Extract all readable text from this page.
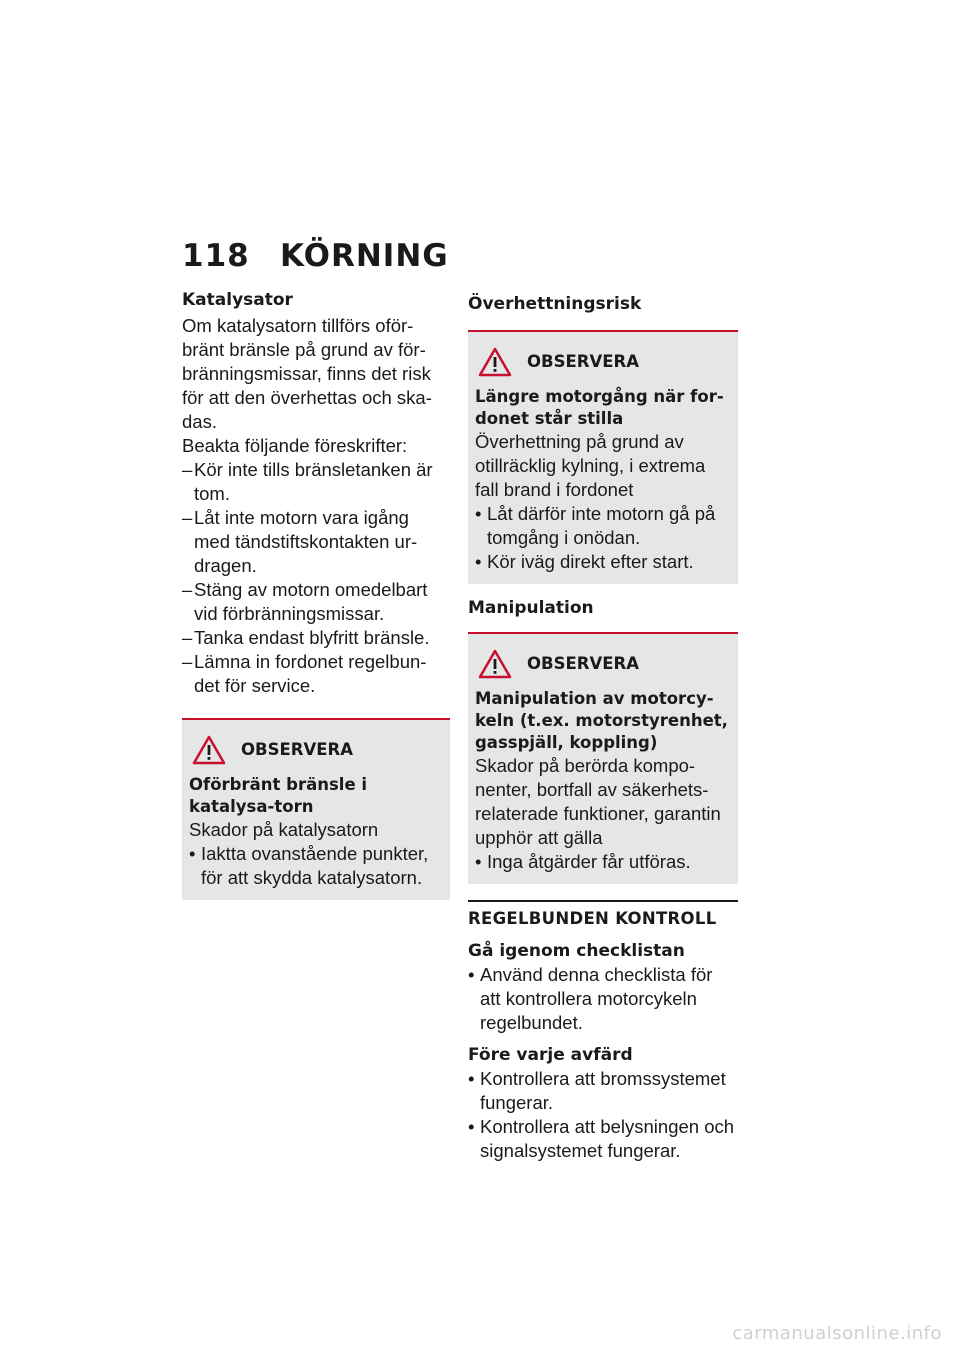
118 KÖRNING
Katalysator

Om katalysatorn tillförs oför-bränt bränsle på grund av för-bränningsmissar, finns det risk för att den överhettas och ska-das.

Beakta följande föreskrifter:

– Kör inte tills bränsletanken är tom.
– Låt inte motorn vara igång med tändstiftskontakten ur-dragen.
– Stäng av motorn omedelbart vid förbränningsmissar.
– Tanka endast blyfritt bränsle.
– Lämna in fordonet regelbun-det för service.
OBSERVERA
Oförbränt bränsle i katalysa-torn
Skador på katalysatorn
• Iaktta ovanstående punkter, för att skydda katalysatorn.
Överhettningsrisk
OBSERVERA
Längre motorgång när for-donet står stilla
Överhettning på grund av otillräcklig kylning, i extrema fall brand i fordonet
• Låt därför inte motorn gå på tomgång i onödan.
• Kör iväg direkt efter start.
Manipulation
OBSERVERA
Manipulation av motorcy-keln (t.ex. motorstyrenhet, gasspjäll, koppling)
Skador på berörda kompo-nenter, bortfall av säkerhets-relaterade funktioner, garantin upphör att gälla
• Inga åtgärder får utföras.
REGELBUNDEN KONTROLL
Gå igenom checklistan
• Använd denna checklista för att kontrollera motorcykeln regelbundet.
Före varje avfärd
• Kontrollera att bromssystemet fungerar.
• Kontrollera att belysningen och signalsystemet fungerar.
carmanualsonline.info
